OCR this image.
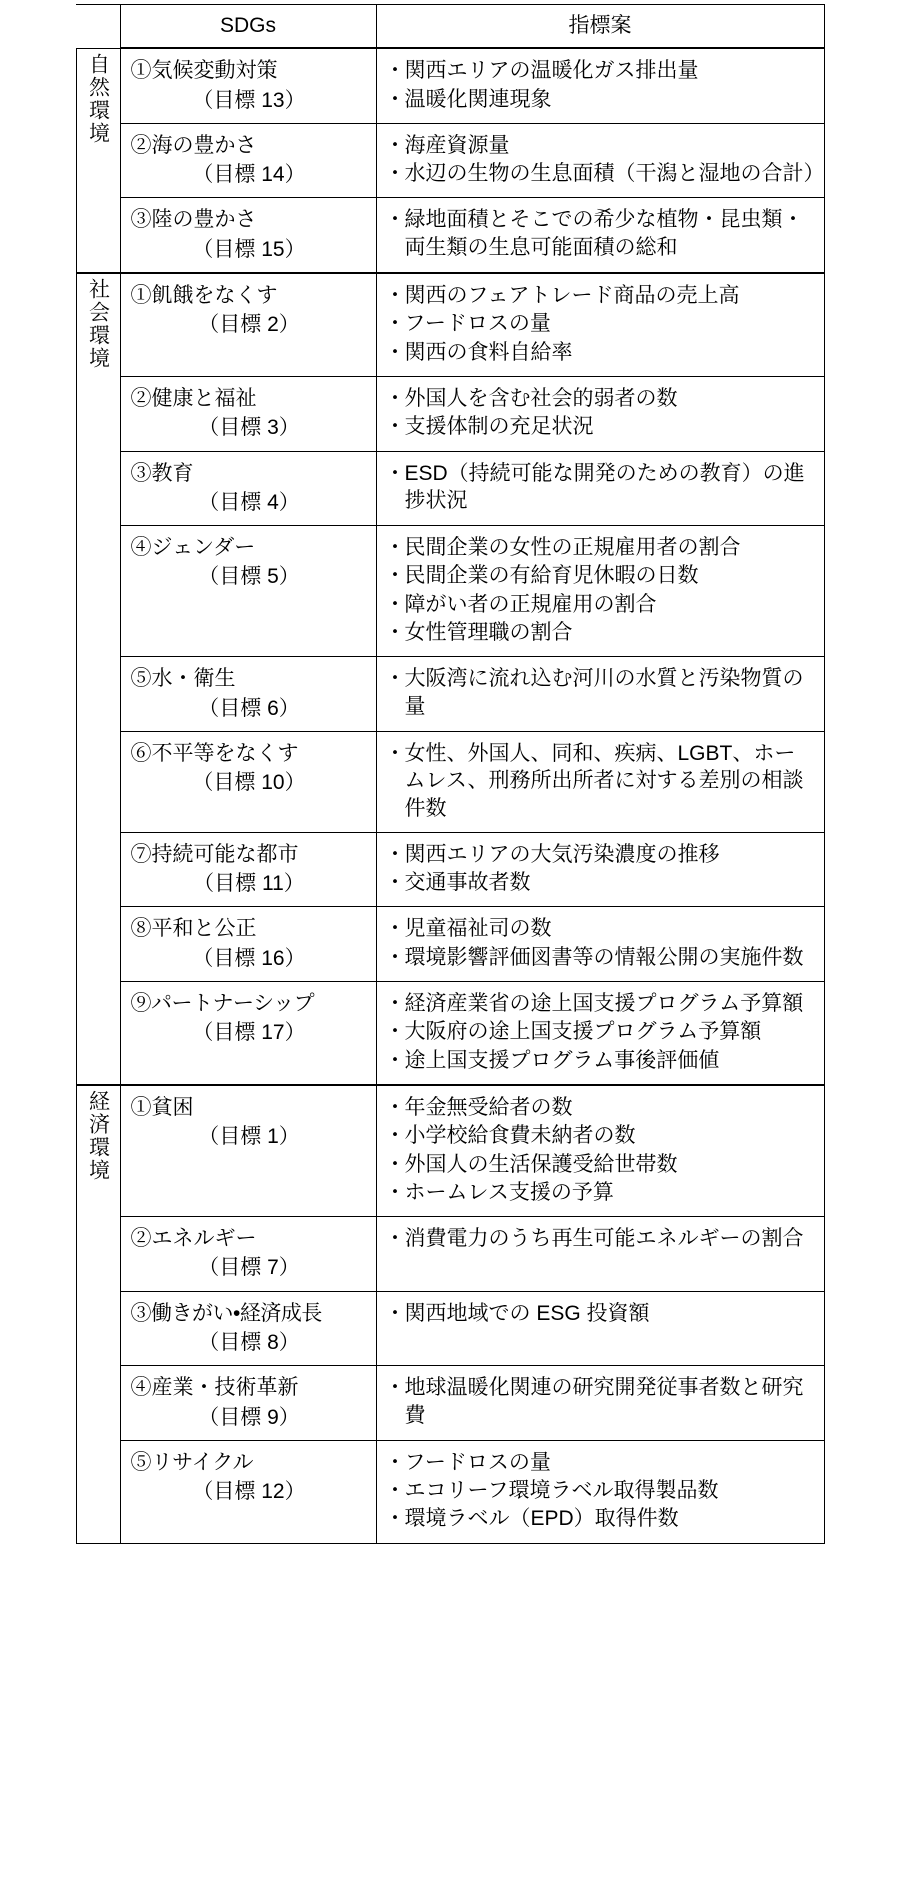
	SDGs	指標案
自然環境	①気候変動対策
（目標 13）

・ 関西エリアの温暖化ガス排出量
・ 温暖化関連現象

②海の豊かさ
（目標 14）

・ 海産資源量
・ 水辺の生物の生息面積（干潟と湿地の合計）

③陸の豊かさ
（目標 15）

・ 緑地面積とそこでの希少な植物・昆虫類・両生類の生息可能面積の総和

社会環境	①飢餓をなくす
（目標 2）

・ 関西のフェアトレード商品の売上高
・ フードロスの量
・ 関西の食料自給率

②健康と福祉
（目標 3）

・ 外国人を含む社会的弱者の数
・ 支援体制の充足状況

③教育
（目標 4）

・ ESD（持続可能な開発のための教育）の進捗状況

④ジェンダー
（目標 5）

・ 民間企業の女性の正規雇用者の割合
・ 民間企業の有給育児休暇の日数
・ 障がい者の正規雇用の割合
・ 女性管理職の割合

⑤水・衛生
（目標 6）

・ 大阪湾に流れ込む河川の水質と汚染物質の量

⑥不平等をなくす
（目標 10）

・ 女性、外国人、同和、疾病、LGBT、ホームレス、刑務所出所者に対する差別の相談件数

⑦持続可能な都市
（目標 11）

・ 関西エリアの大気汚染濃度の推移
・ 交通事故者数

⑧平和と公正
（目標 16）

・ 児童福祉司の数
・ 環境影響評価図書等の情報公開の実施件数

⑨パートナーシップ
（目標 17）

・ 経済産業省の途上国支援プログラム予算額
・ 大阪府の途上国支援プログラム予算額
・ 途上国支援プログラム事後評価値

経済環境	①貧困
（目標 1）

・ 年金無受給者の数
・ 小学校給食費未納者の数
・ 外国人の生活保護受給世帯数
・ ホームレス支援の予算

②エネルギー
（目標 7）

・ 消費電力のうち再生可能エネルギーの割合

③働きがい•経済成長
（目標 8）

・ 関西地域での ESG 投資額

④産業・技術革新
（目標 9）

・ 地球温暖化関連の研究開発従事者数と研究費

⑤リサイクル
（目標 12）

・ フードロスの量
・ エコリーフ環境ラベル取得製品数
・ 環境ラベル（EPD）取得件数
